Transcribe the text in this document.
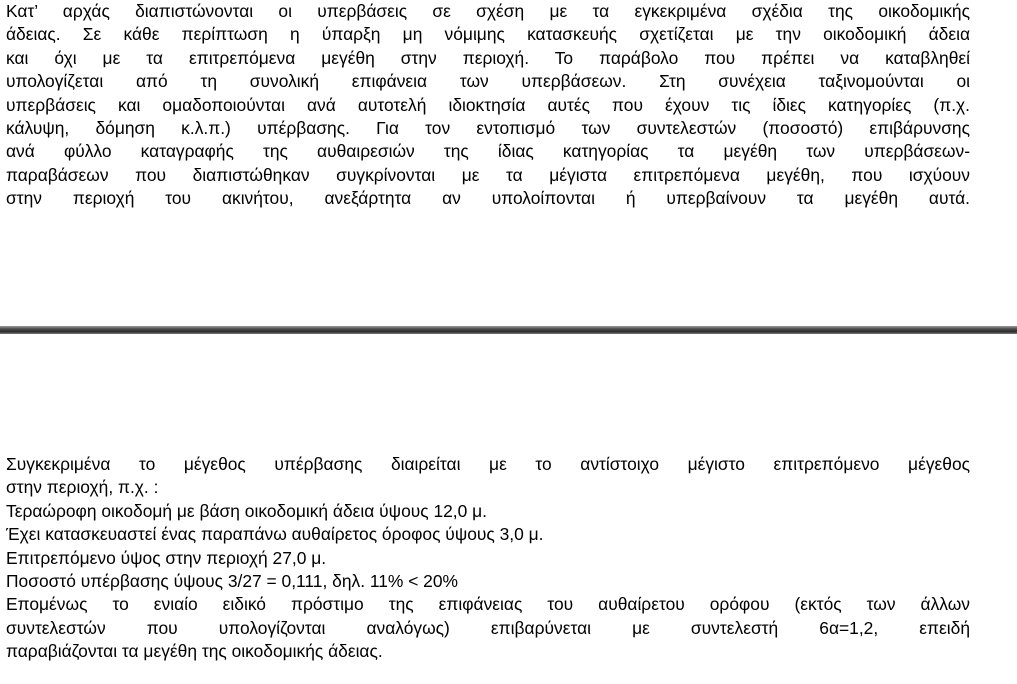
Κατ’ αρχάς διαπιστώνονται οι υπερβάσεις σε σχέση με τα εγκεκριμένα σχέδια της οικοδομικής
άδειας. Σε κάθε περίπτωση η ύπαρξη μη νόμιμης κατασκευής σχετίζεται με την οικοδομική άδεια
και όχι με τα επιτρεπόμενα μεγέθη στην περιοχή. Το παράβολο που πρέπει να καταβληθεί
υπολογίζεται από τη συνολική επιφάνεια των υπερβάσεων. Στη συνέχεια ταξινομούνται οι
υπερβάσεις και ομαδοποιούνται ανά αυτοτελή ιδιοκτησία αυτές που έχουν τις ίδιες κατηγορίες (π.χ.
κάλυψη, δόμηση κ.λ.π.) υπέρβασης. Για τον εντοπισμό των συντελεστών (ποσοστό) επιβάρυνσης
ανά φύλλο καταγραφής της αυθαιρεσιών της ίδιας κατηγορίας τα μεγέθη των υπερβάσεων-
παραβάσεων που διαπιστώθηκαν συγκρίνονται με τα μέγιστα επιτρεπόμενα μεγέθη, που ισχύουν
στην περιοχή του ακινήτου, ανεξάρτητα αν υπολοίπονται ή υπερβαίνουν τα μεγέθη αυτά.
Συγκεκριμένα το μέγεθος υπέρβασης διαιρείται με το αντίστοιχο μέγιστο επιτρεπόμενο μέγεθος
στην περιοχή, π.χ. :
Τεραώροφη οικοδομή με βάση οικοδομική άδεια ύψους 12,0 μ.
Έχει κατασκευαστεί ένας παραπάνω αυθαίρετος όροφος ύψους 3,0 μ.
Επιτρεπόμενο ύψος στην περιοχή 27,0 μ.
Ποσοστό υπέρβασης ύψους 3/27 = 0,111, δηλ. 11% < 20%
Επομένως το ενιαίο ειδικό πρόστιμο της επιφάνειας του αυθαίρετου ορόφου (εκτός των άλλων
συντελεστών που υπολογίζονται αναλόγως) επιβαρύνεται με συντελεστή 6α=1,2, επειδή
παραβιάζονται τα μεγέθη της οικοδομικής άδειας.
